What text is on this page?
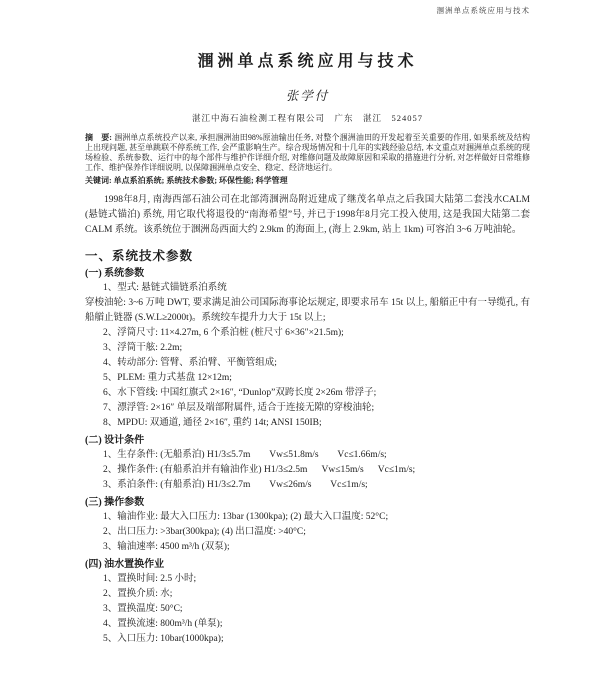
涠洲单点系统应用与技术
涠洲单点系统应用与技术
张学付
湛江中海石油检测工程有限公司　广东　湛江　524057

摘　要: 涠洲单点系统投产以来, 承担涠洲油田98%原油输出任务, 对整个涠洲油田的开发起着至关重要的作用, 如果系统及结构上出现问题, 甚至单跳联不停系统工作, 会严重影响生产。综合现场情况和十几年的实践经验总结, 本文重点对涠洲单点系统的现场检验、系统参数、运行中的每个部件与维护作详细介绍, 对维修问题及故障原因和采取的措施进行分析, 对怎样做好日常维修工作、维护保养作详细说明, 以保障涠洲单点安全、稳定、经济地运行。

关键词: 单点系泊系统; 系统技术参数; 环保性能; 科学管理

1998年8月, 南海西部石油公司在北部湾涠洲岛附近建成了继茂名单点之后我国大陆第二套浅水CALM (悬链式锚泊) 系统, 用它取代将退役的“南海希望”号, 并已于1998年8月完工投入使用, 这是我国大陆第二套 CALM 系统。该系统位于涠洲岛西面大约 2.9km 的海面上, (海上 2.9km, 站上 1km) 可容泊 3~6 万吨油轮。

一、系统技术参数
(一) 系统参数

1、型式: 悬链式锚链系泊系统

穿梭油轮: 3~6 万吨 DWT, 要求满足油公司国际海事论坛规定, 即要求吊车 15t 以上, 船艏正中有一导缆孔, 有船艏止链器 (S.W.L≥2000t)。系统绞车提升力大于 15t 以上;

2、浮筒尺寸: 11×4.27m, 6 个系泊桩 (桩尺寸 6×36″×21.5m);

3、浮筒干舷: 2.2m;

4、转动部分: 管臂、系泊臂、平衡管组成;

5、PLEM: 重力式基盘 12×12m;

6、水下管线: 中国红旗式 2×16″, “Dunlop”双跨长度 2×26m 带浮子;

7、漂浮管: 2×16″ 单层及端部附属件, 适合于连接无隙的穿梭油轮;

8、MPDU: 双通道, 通径 2×16″, 重约 14t; ANSI 150IB;

(二) 设计条件

1、生存条件: (无船系泊) H1/3≤5.7m        Vw≤51.8m/s        Vc≤1.66m/s;

2、操作条件: (有船系泊并有输油作业) H1/3≤2.5m      Vw≤15m/s      Vc≤1m/s;

3、系泊条件: (有船系泊) H1/3≤2.7m        Vw≤26m/s        Vc≤1m/s;

(三) 操作参数

1、输油作业: 最大入口压力: 13bar (1300kpa); (2) 最大入口温度: 52°C;

2、出口压力: >3bar(300kpa); (4) 出口温度: >40°C;

3、输油速率: 4500 m³/h (双泵);

(四) 油水置换作业

1、置换时间: 2.5 小时;

2、置换介质: 水;

3、置换温度: 50°C;

4、置换流速: 800m³/h (单泵);

5、入口压力: 10bar(1000kpa);
